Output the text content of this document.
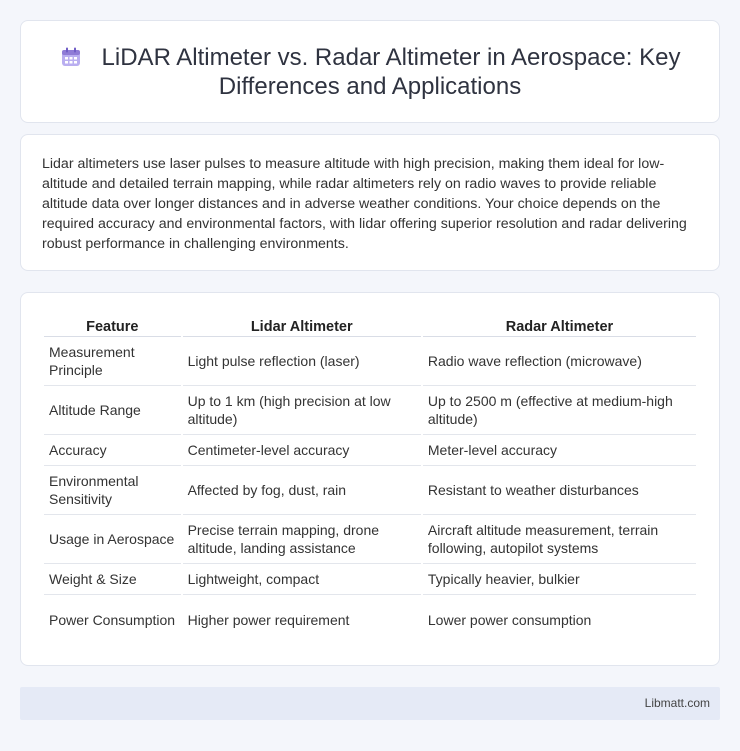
LiDAR Altimeter vs. Radar Altimeter in Aerospace: Key Differences and Applications

Lidar altimeters use laser pulses to measure altitude with high precision, making them ideal for low-altitude and detailed terrain mapping, while radar altimeters rely on radio waves to provide reliable altitude data over longer distances and in adverse weather conditions. Your choice depends on the required accuracy and environmental factors, with lidar offering superior resolution and radar delivering robust performance in challenging environments.

Feature	Lidar Altimeter	Radar Altimeter
Measurement Principle	Light pulse reflection (laser)	Radio wave reflection (microwave)
Altitude Range	Up to 1 km (high precision at low altitude)	Up to 2500 m (effective at medium-high altitude)
Accuracy	Centimeter-level accuracy	Meter-level accuracy
Environmental Sensitivity	Affected by fog, dust, rain	Resistant to weather disturbances
Usage in Aerospace	Precise terrain mapping, drone altitude, landing assistance	Aircraft altitude measurement, terrain following, autopilot systems
Weight & Size	Lightweight, compact	Typically heavier, bulkier
Power Consumption	Higher power requirement	Lower power consumption
Libmatt.com
